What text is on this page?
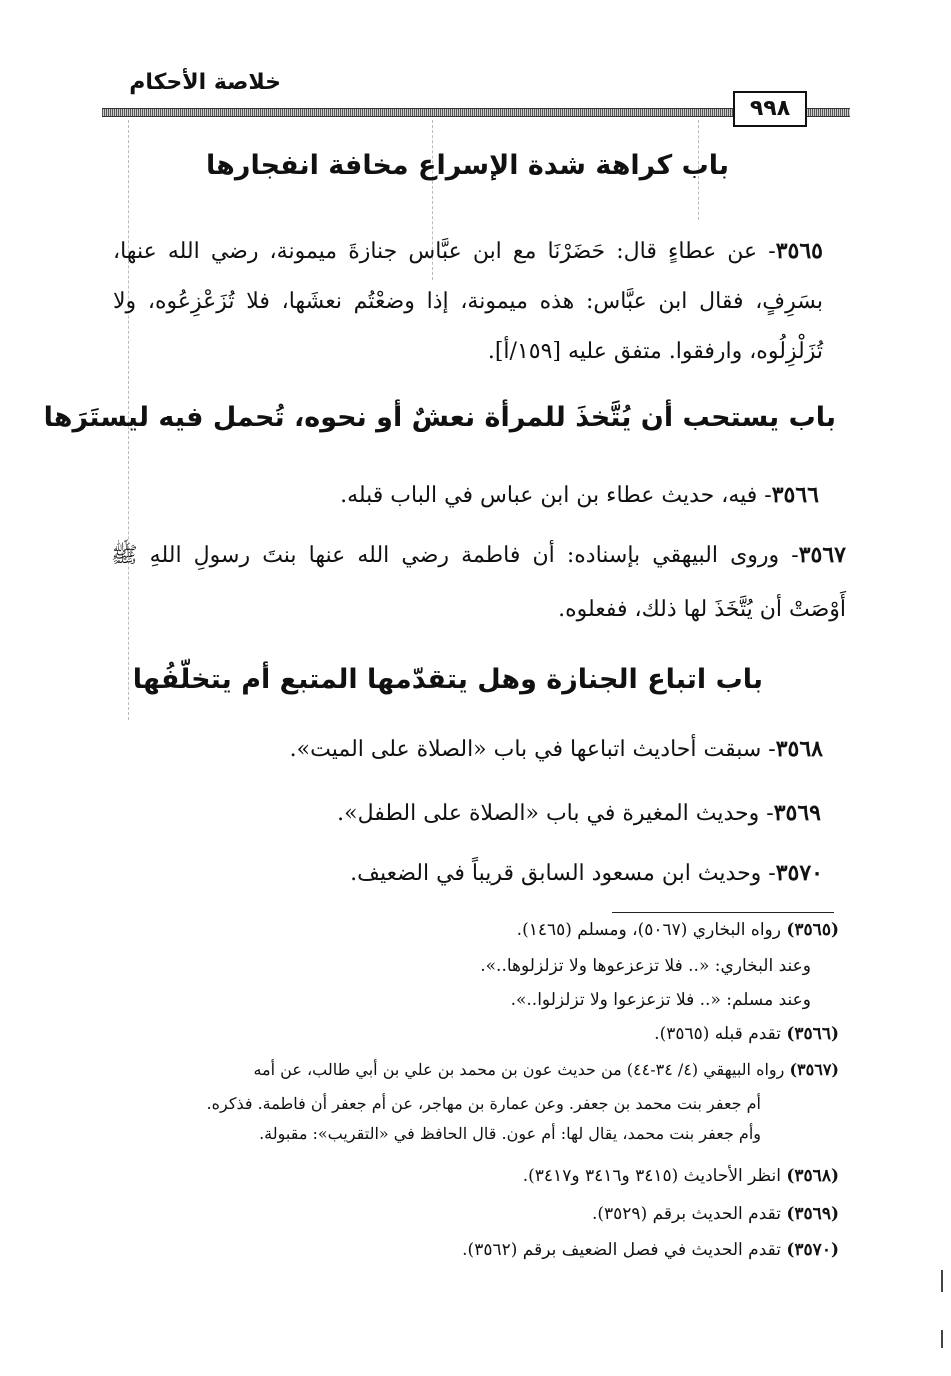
خلاصة الأحكام
٩٩٨
باب كراهة شدة الإسراع مخافة انفجارها
٣٥٦٥- عن عطاءٍ قال: حَضَرْنَا مع ابن عبَّاس جنازةَ ميمونة، رضي الله عنها، بسَرِفٍ، فقال ابن عبَّاس: هذه ميمونة، إذا وضعْتُم نعشَها، فلا تُزَعْزِعُوه، ولا تُزَلْزِلُوه، وارفقوا. متفق عليه [١٥٩/أ].
باب يستحب أن يُتَّخذَ للمرأة نعشٌ أو نحوه، تُحمل فيه ليستَرَها
٣٥٦٦- فيه، حديث عطاء بن ابن عباس في الباب قبله.
٣٥٦٧- وروى البيهقي بإسناده: أن فاطمة رضي الله عنها بنتَ رسولِ اللهِ ﷺ أَوْصَتْ أن يُتَّخَذَ لها ذلك، ففعلوه.
باب اتباع الجنازة وهل يتقدّمها المتبع أم يتخلّفُها
٣٥٦٨- سبقت أحاديث اتباعها في باب «الصلاة على الميت».
٣٥٦٩- وحديث المغيرة في باب «الصلاة على الطفل».
٣٥٧٠- وحديث ابن مسعود السابق قريباً في الضعيف.
(٣٥٦٥) رواه البخاري (٥٠٦٧)، ومسلم (١٤٦٥).
وعند البخاري: «.. فلا تزعزعوها ولا تزلزلوها..».
وعند مسلم: «.. فلا تزعزعوا ولا تزلزلوا..».
(٣٥٦٦) تقدم قبله (٣٥٦٥).
(٣٥٦٧) رواه البيهقي (٤/ ٣٤-٤٤) من حديث عون بن محمد بن علي بن أبي طالب، عن أمه
أم جعفر بنت محمد بن جعفر. وعن عمارة بن مهاجر، عن أم جعفر أن فاطمة. فذكره.
وأم جعفر بنت محمد، يقال لها: أم عون. قال الحافظ في «التقريب»: مقبولة.
(٣٥٦٨) انظر الأحاديث (٣٤١٥ و٣٤١٦ و٣٤١٧).
(٣٥٦٩) تقدم الحديث برقم (٣٥٢٩).
(٣٥٧٠) تقدم الحديث في فصل الضعيف برقم (٣٥٦٢).
